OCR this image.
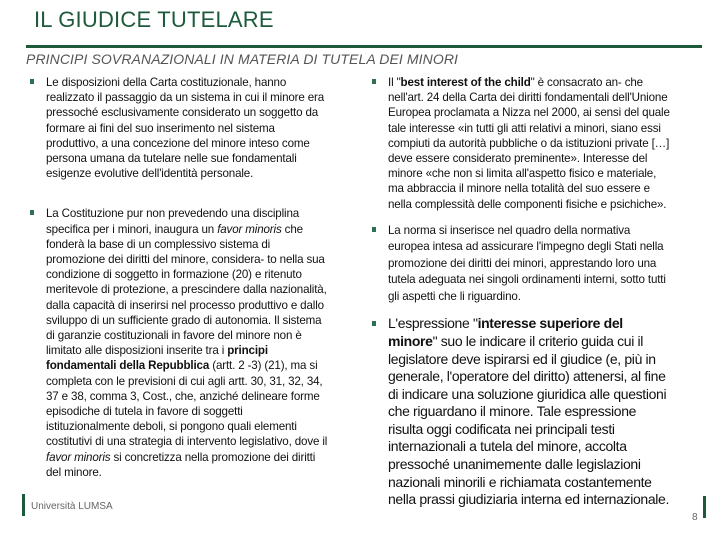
IL GIUDICE TUTELARE
PRINCIPI SOVRANAZIONALI IN MATERIA DI TUTELA DEI MINORI
Le disposizioni della Carta costituzionale, hanno
realizzato il passaggio da un sistema in cui il minore era
pressoché esclusivamente considerato un soggetto da
formare ai fini del suo inserimento nel sistema
produttivo, a una concezione del minore inteso come
persona umana da tutelare nelle sue fondamentali
esigenze evolutive dell'identità personale.
La Costituzione pur non prevedendo una disciplina
specifica per i minori, inaugura un favor minoris che
fonderà la base di un complessivo sistema di
promozione dei diritti del minore, considera- to nella sua
condizione di soggetto in formazione (20) e ritenuto
meritevole di protezione, a prescindere dalla nazionalità,
dalla capacità di inserirsi nel processo produttivo e dallo
sviluppo di un sufficiente grado di autonomia. Il sistema
di garanzie costituzionali in favore del minore non è
limitato alle disposizioni inserite tra i principi
fondamentali della Repubblica (artt. 2 -3) (21), ma si
completa con le previsioni di cui agli artt. 30, 31, 32, 34,
37 e 38, comma 3, Cost., che, anziché delineare forme
episodiche di tutela in favore di soggetti
istituzionalmente deboli, si pongono quali elementi
costitutivi di una strategia di intervento legislativo, dove il
favor minoris si concretizza nella promozione dei diritti
del minore.
Il "best interest of the child" è consacrato an- che
nell'art. 24 della Carta dei diritti fondamentali dell'Unione
Europea proclamata a Nizza nel 2000, ai sensi del quale
tale interesse «in tutti gli atti relativi a minori, siano essi
compiuti da autorità pubbliche o da istituzioni private […]
deve essere considerato preminente». Interesse del
minore «che non si limita all'aspetto fisico e materiale,
ma abbraccia il minore nella totalità del suo essere e
nella complessità delle componenti fisiche e psichiche».
La norma si inserisce nel quadro della normativa
europea intesa ad assicurare l'impegno degli Stati nella
promozione dei diritti dei minori, apprestando loro una
tutela adeguata nei singoli ordinamenti interni, sotto tutti
gli aspetti che li riguardino.
L'espressione "interesse superiore del
minore" suo le indicare il criterio guida cui il
legislatore deve ispirarsi ed il giudice (e, più in
generale, l'operatore del diritto) attenersi, al fine
di indicare una soluzione giuridica alle questioni
che riguardano il minore. Tale espressione
risulta oggi codificata nei principali testi
internazionali a tutela del minore, accolta
pressoché unanimemente dalle legislazioni
nazionali minorili e richiamata costantemente
nella prassi giudiziaria interna ed internazionale.
Università LUMSA
8
